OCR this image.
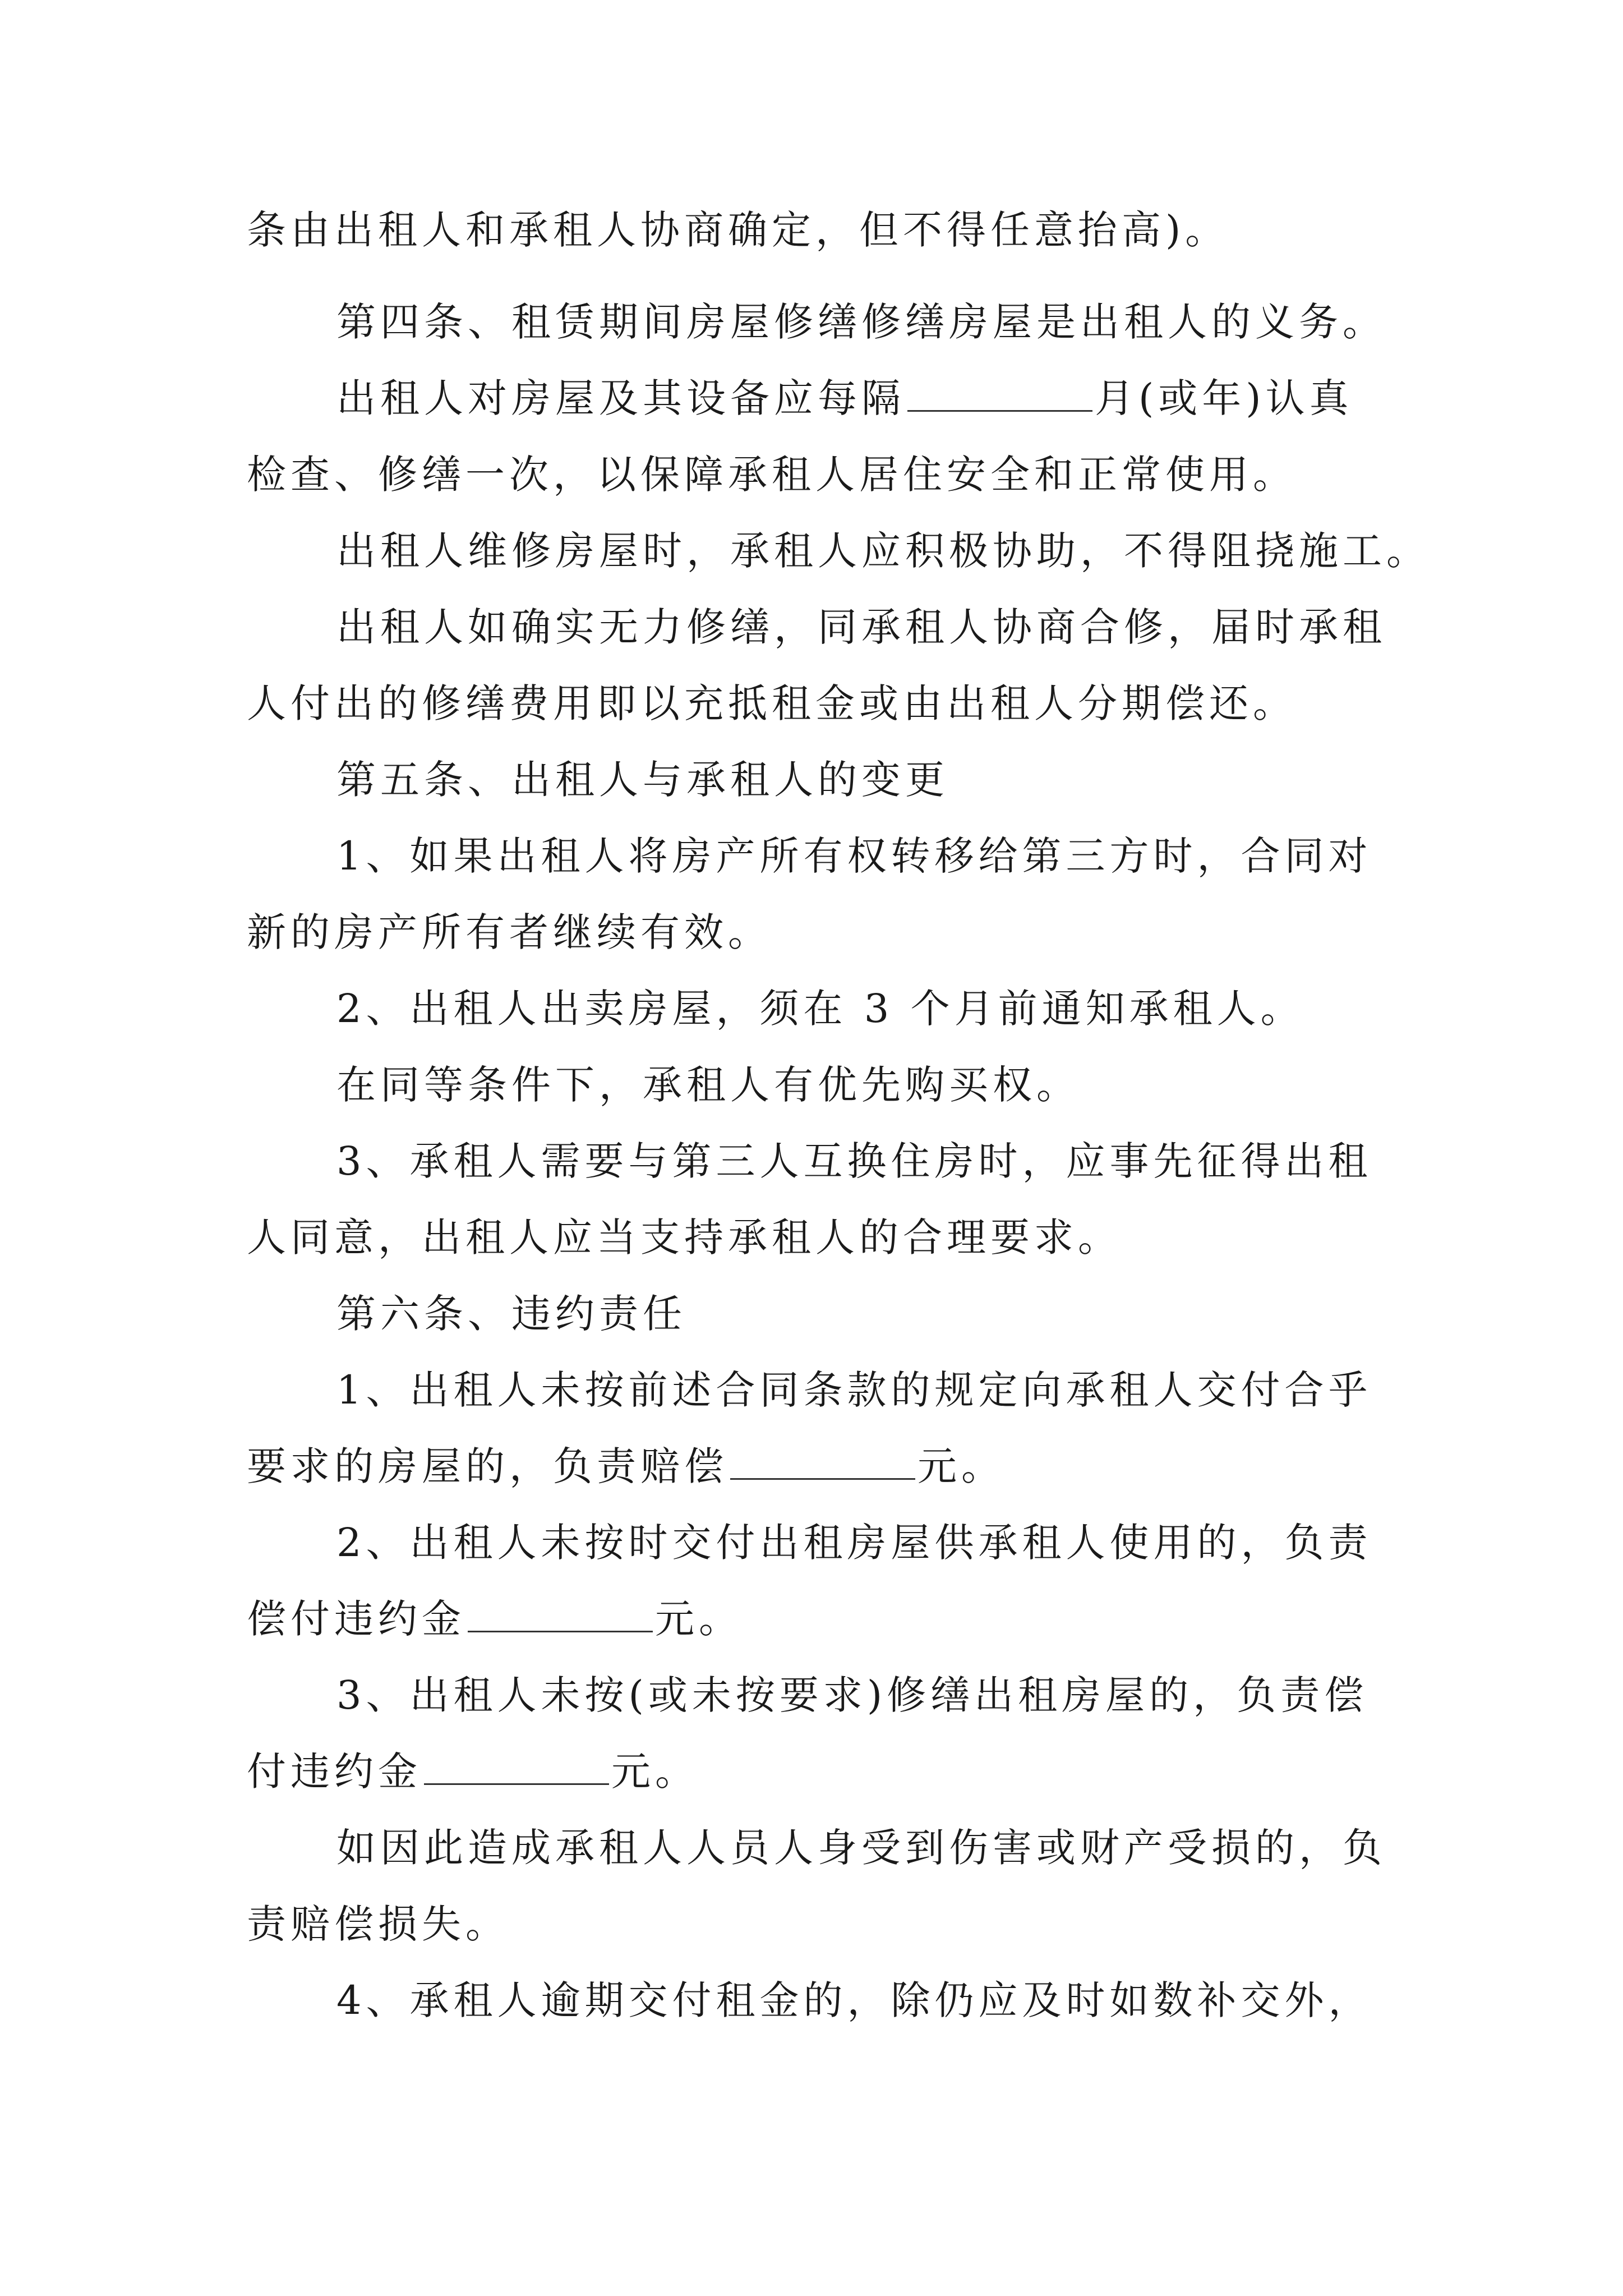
条由出租人和承租人协商确定，但不得任意抬高)。
第四条、租赁期间房屋修缮修缮房屋是出租人的义务。
出租人对房屋及其设备应每隔	月(或年)认真
检查、修缮一次，以保障承租人居住安全和正常使用。
出租人维修房屋时，承租人应积极协助，不得阻挠施工。
出租人如确实无力修缮，同承租人协商合修，届时承租
人付出的修缮费用即以充抵租金或由出租人分期偿还。
第五条、出租人与承租人的变更
1、如果出租人将房产所有权转移给第三方时，合同对
新的房产所有者继续有效。
2、出租人出卖房屋，须在 3 个月前通知承租人。
在同等条件下，承租人有优先购买权。
3、承租人需要与第三人互换住房时，应事先征得出租
人同意，出租人应当支持承租人的合理要求。
第六条、违约责任
1、出租人未按前述合同条款的规定向承租人交付合乎
要求的房屋的，负责赔偿	元。
2、出租人未按时交付出租房屋供承租人使用的，负责
偿付违约金	元。
3、出租人未按(或未按要求)修缮出租房屋的，负责偿
付违约金	元。
如因此造成承租人人员人身受到伤害或财产受损的，负
责赔偿损失。
4、承租人逾期交付租金的，除仍应及时如数补交外，
